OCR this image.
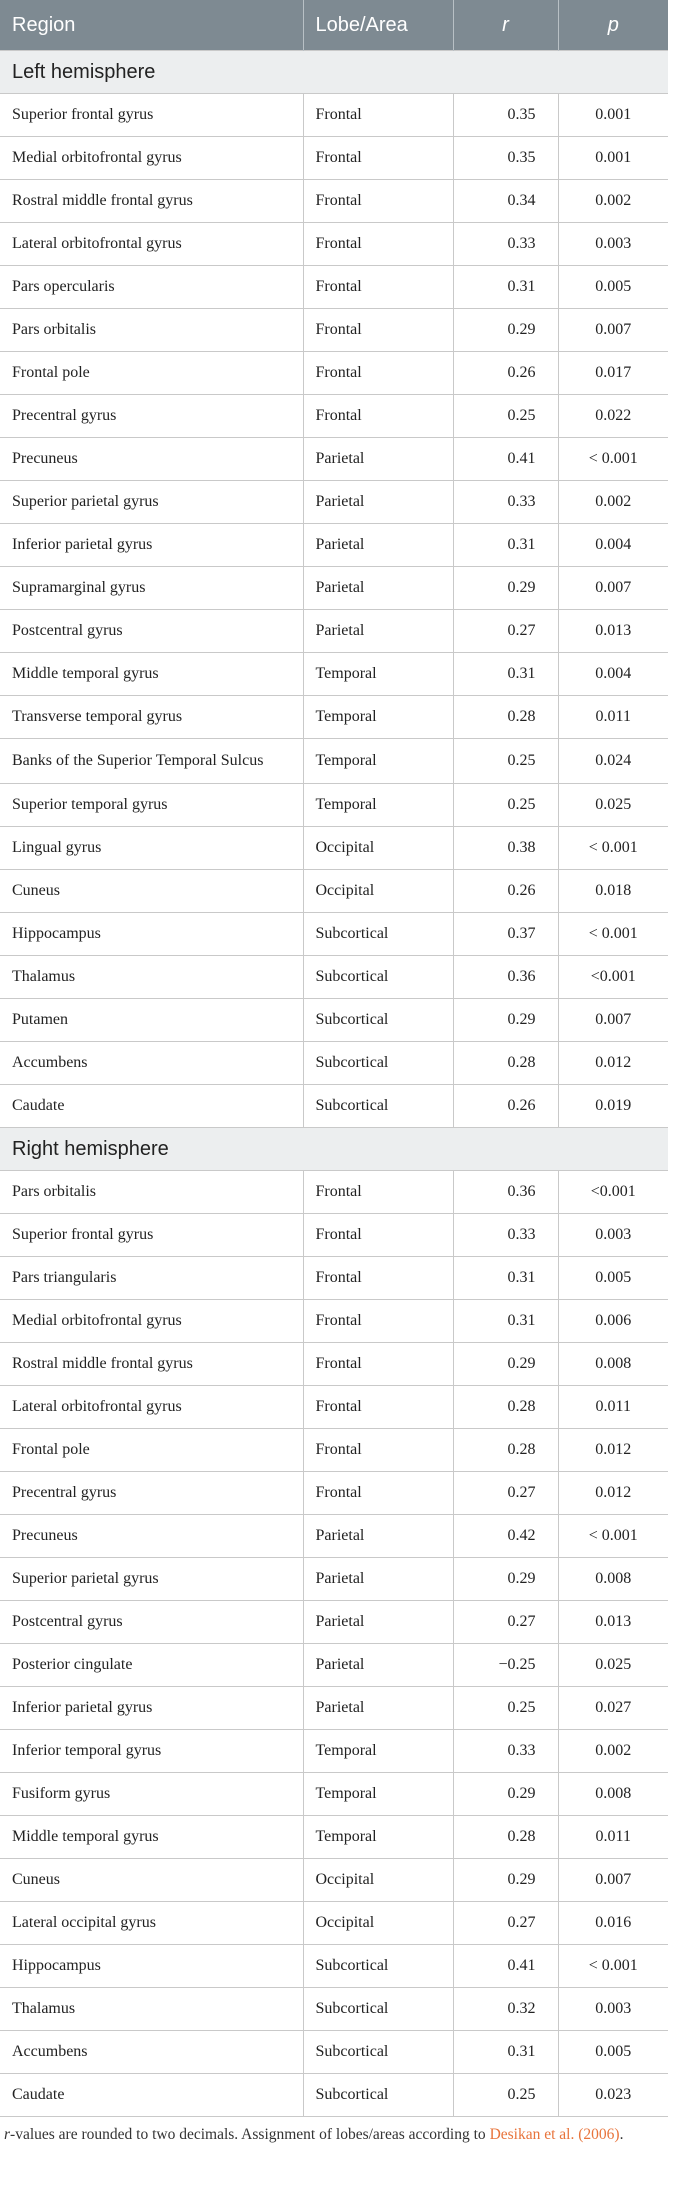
Region	Lobe/Area	r	p
Left hemisphere			
Superior frontal gyrus	Frontal	0.35	0.001
Medial orbitofrontal gyrus	Frontal	0.35	0.001
Rostral middle frontal gyrus	Frontal	0.34	0.002
Lateral orbitofrontal gyrus	Frontal	0.33	0.003
Pars opercularis	Frontal	0.31	0.005
Pars orbitalis	Frontal	0.29	0.007
Frontal pole	Frontal	0.26	0.017
Precentral gyrus	Frontal	0.25	0.022
Precuneus	Parietal	0.41	< 0.001
Superior parietal gyrus	Parietal	0.33	0.002
Inferior parietal gyrus	Parietal	0.31	0.004
Supramarginal gyrus	Parietal	0.29	0.007
Postcentral gyrus	Parietal	0.27	0.013
Middle temporal gyrus	Temporal	0.31	0.004
Transverse temporal gyrus	Temporal	0.28	0.011
Banks of the Superior Temporal Sulcus	Temporal	0.25	0.024
Superior temporal gyrus	Temporal	0.25	0.025
Lingual gyrus	Occipital	0.38	< 0.001
Cuneus	Occipital	0.26	0.018
Hippocampus	Subcortical	0.37	< 0.001
Thalamus	Subcortical	0.36	<0.001
Putamen	Subcortical	0.29	0.007
Accumbens	Subcortical	0.28	0.012
Caudate	Subcortical	0.26	0.019
Right hemisphere			
Pars orbitalis	Frontal	0.36	<0.001
Superior frontal gyrus	Frontal	0.33	0.003
Pars triangularis	Frontal	0.31	0.005
Medial orbitofrontal gyrus	Frontal	0.31	0.006
Rostral middle frontal gyrus	Frontal	0.29	0.008
Lateral orbitofrontal gyrus	Frontal	0.28	0.011
Frontal pole	Frontal	0.28	0.012
Precentral gyrus	Frontal	0.27	0.012
Precuneus	Parietal	0.42	< 0.001
Superior parietal gyrus	Parietal	0.29	0.008
Postcentral gyrus	Parietal	0.27	0.013
Posterior cingulate	Parietal	−0.25	0.025
Inferior parietal gyrus	Parietal	0.25	0.027
Inferior temporal gyrus	Temporal	0.33	0.002
Fusiform gyrus	Temporal	0.29	0.008
Middle temporal gyrus	Temporal	0.28	0.011
Cuneus	Occipital	0.29	0.007
Lateral occipital gyrus	Occipital	0.27	0.016
Hippocampus	Subcortical	0.41	< 0.001
Thalamus	Subcortical	0.32	0.003
Accumbens	Subcortical	0.31	0.005
Caudate	Subcortical	0.25	0.023
r-values are rounded to two decimals. Assignment of lobes/areas according to Desikan et al. (2006).
